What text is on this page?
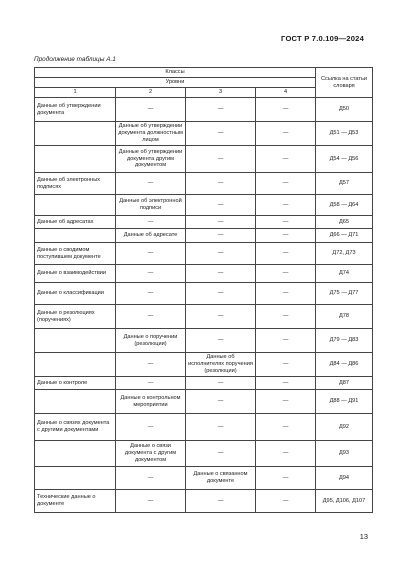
ГОСТ Р 7.0.109—2024
Продолжение таблицы А.1
Классы				Ссылка на статьи словаря
Уровни				
1	2	3	4	
Данные об утверждении документа	—	—	—	Д50
	Данные об утверждении документа должностным лицом	—	—	Д51 — Д53
	Данные об утверждении документа другим документом	—	—	Д54 — Д56
Данные об электронных подписях	—	—	—	Д57
	Данные об электронной подписи	—	—	Д58 — Д64
Данные об адресатах	—	—	—	Д65
	Данные об адресате	—	—	Д66 — Д71
Данные о сводимом поступившем документе	—	—	—	Д72, Д73
Данные о взаимодействии	—	—	—	Д74
Данные о классификации	—	—	—	Д75 — Д77
Данные о резолюциях (поручениях)	—	—	—	Д78
	Данные о поручении (резолюции)	—	—	Д79 — Д83
	—	Данные об исполнителях поручения (резолюции)	—	Д84 — Д86
Данные о контроле	—	—	—	Д87
	Данные о контрольном мероприятии	—	—	Д88 — Д91
Данные о связях документа с другими документами	—	—	—	Д92
	Данные о связи документа с другим документом	—	—	Д93
	—	Данные о связанном документе	—	Д94
Технические данные о документе	—	—	—	Д95, Д106, Д107
13
